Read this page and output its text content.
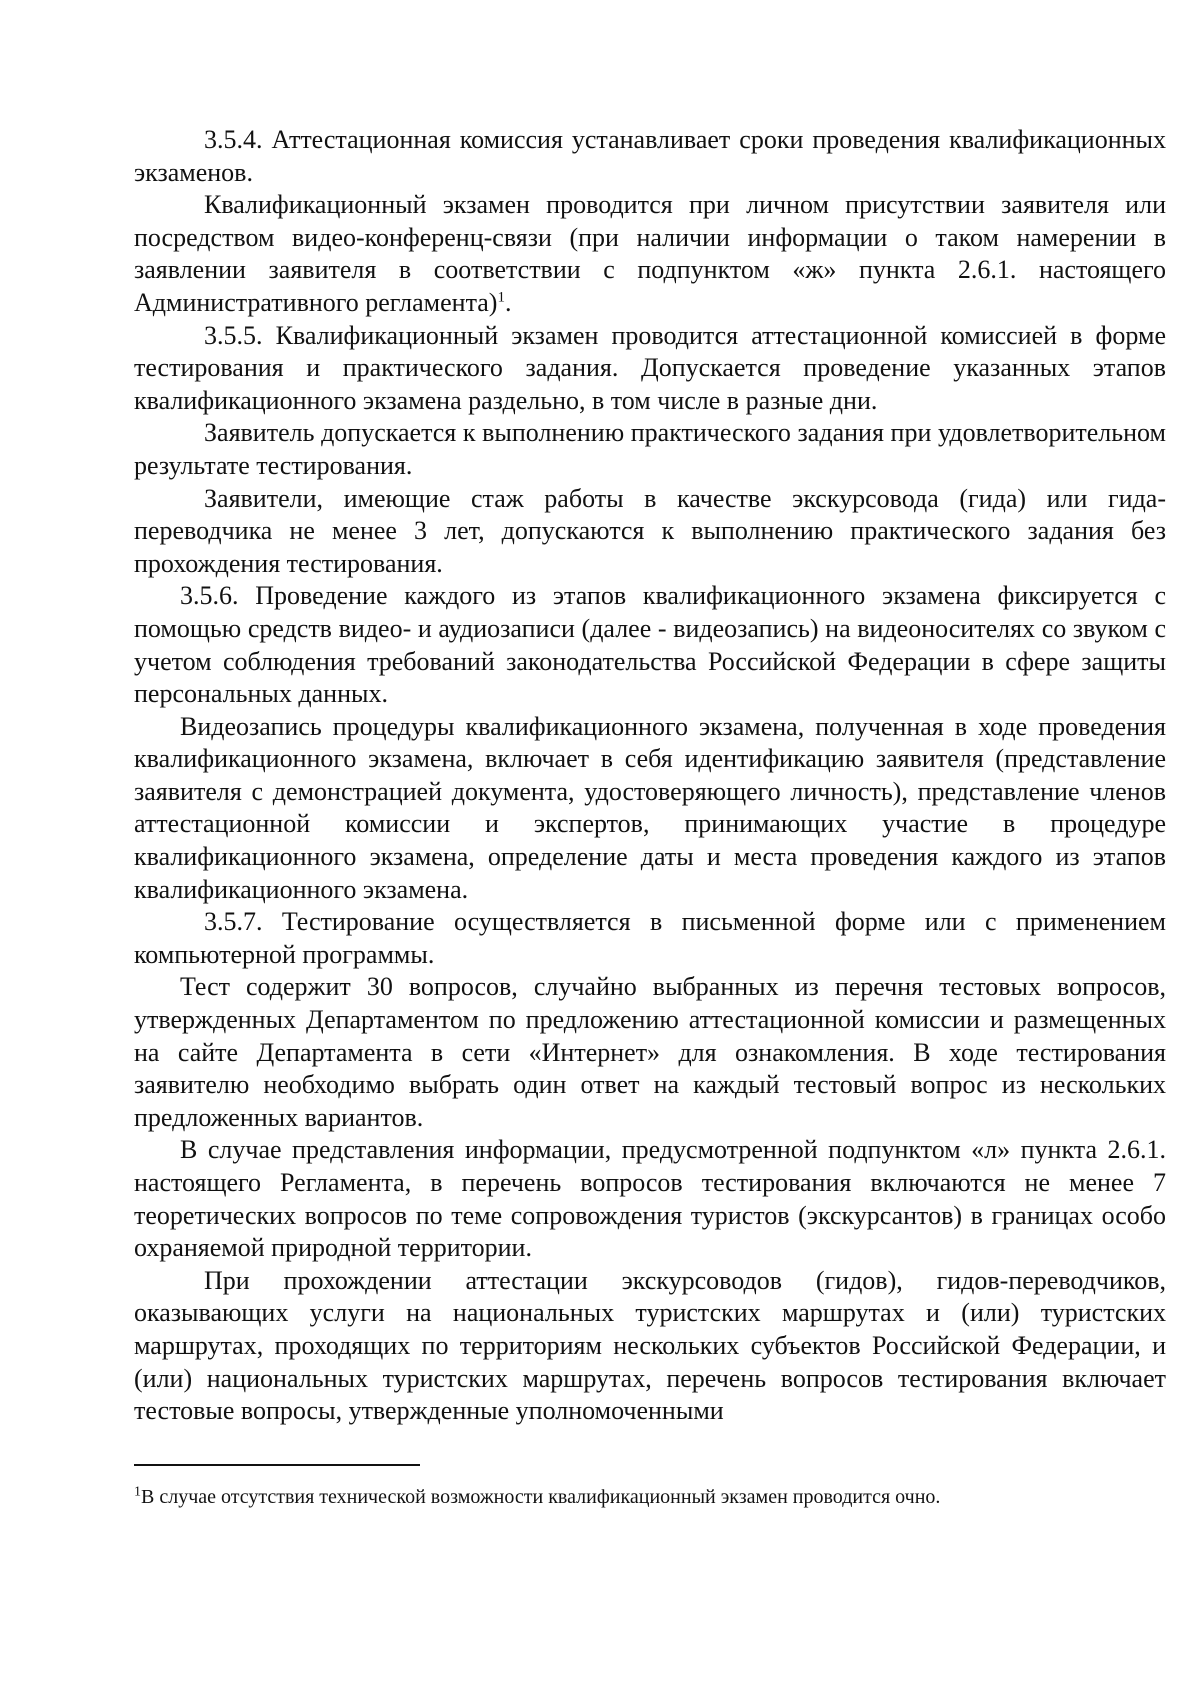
3.5.4. Аттестационная комиссия устанавливает сроки проведения квалификационных экзаменов.

Квалификационный экзамен проводится при личном присутствии заявителя или посредством видео-конференц-связи (при наличии информации о таком намерении в заявлении заявителя в соответствии с подпунктом «ж» пункта 2.6.1. настоящего Административного регламента)$^1$.

3.5.5. Квалификационный экзамен проводится аттестационной комиссией в форме тестирования и практического задания. Допускается проведение указанных этапов квалификационного экзамена раздельно, в том числе в разные дни.

Заявитель допускается к выполнению практического задания при удовлетворительном результате тестирования.

Заявители, имеющие стаж работы в качестве экскурсовода (гида) или гида-переводчика не менее 3 лет, допускаются к выполнению практического задания без прохождения тестирования.

3.5.6. Проведение каждого из этапов квалификационного экзамена фиксируется с помощью средств видео- и аудиозаписи (далее - видеозапись) на видеоносителях со звуком с учетом соблюдения требований законодательства Российской Федерации в сфере защиты персональных данных.

Видеозапись процедуры квалификационного экзамена, полученная в ходе проведения квалификационного экзамена, включает в себя идентификацию заявителя (представление заявителя с демонстрацией документа, удостоверяющего личность), представление членов аттестационной комиссии и экспертов, принимающих участие в процедуре квалификационного экзамена, определение даты и места проведения каждого из этапов квалификационного экзамена.

3.5.7. Тестирование осуществляется в письменной форме или с применением компьютерной программы.

Тест содержит 30 вопросов, случайно выбранных из перечня тестовых вопросов, утвержденных Департаментом по предложению аттестационной комиссии и размещенных на сайте Департамента в сети «Интернет» для ознакомления. В ходе тестирования заявителю необходимо выбрать один ответ на каждый тестовый вопрос из нескольких предложенных вариантов.

В случае представления информации, предусмотренной подпунктом «л» пункта 2.6.1. настоящего Регламента, в перечень вопросов тестирования включаются не менее 7 теоретических вопросов по теме сопровождения туристов (экскурсантов) в границах особо охраняемой природной территории.

При прохождении аттестации экскурсоводов (гидов), гидов-переводчиков, оказывающих услуги на национальных туристских маршрутах и (или) туристских маршрутах, проходящих по территориям нескольких субъектов Российской Федерации, и (или) национальных туристских маршрутах, перечень вопросов тестирования включает тестовые вопросы, утвержденные уполномоченными

$^1$В случае отсутствия технической возможности квалификационный экзамен проводится очно.
